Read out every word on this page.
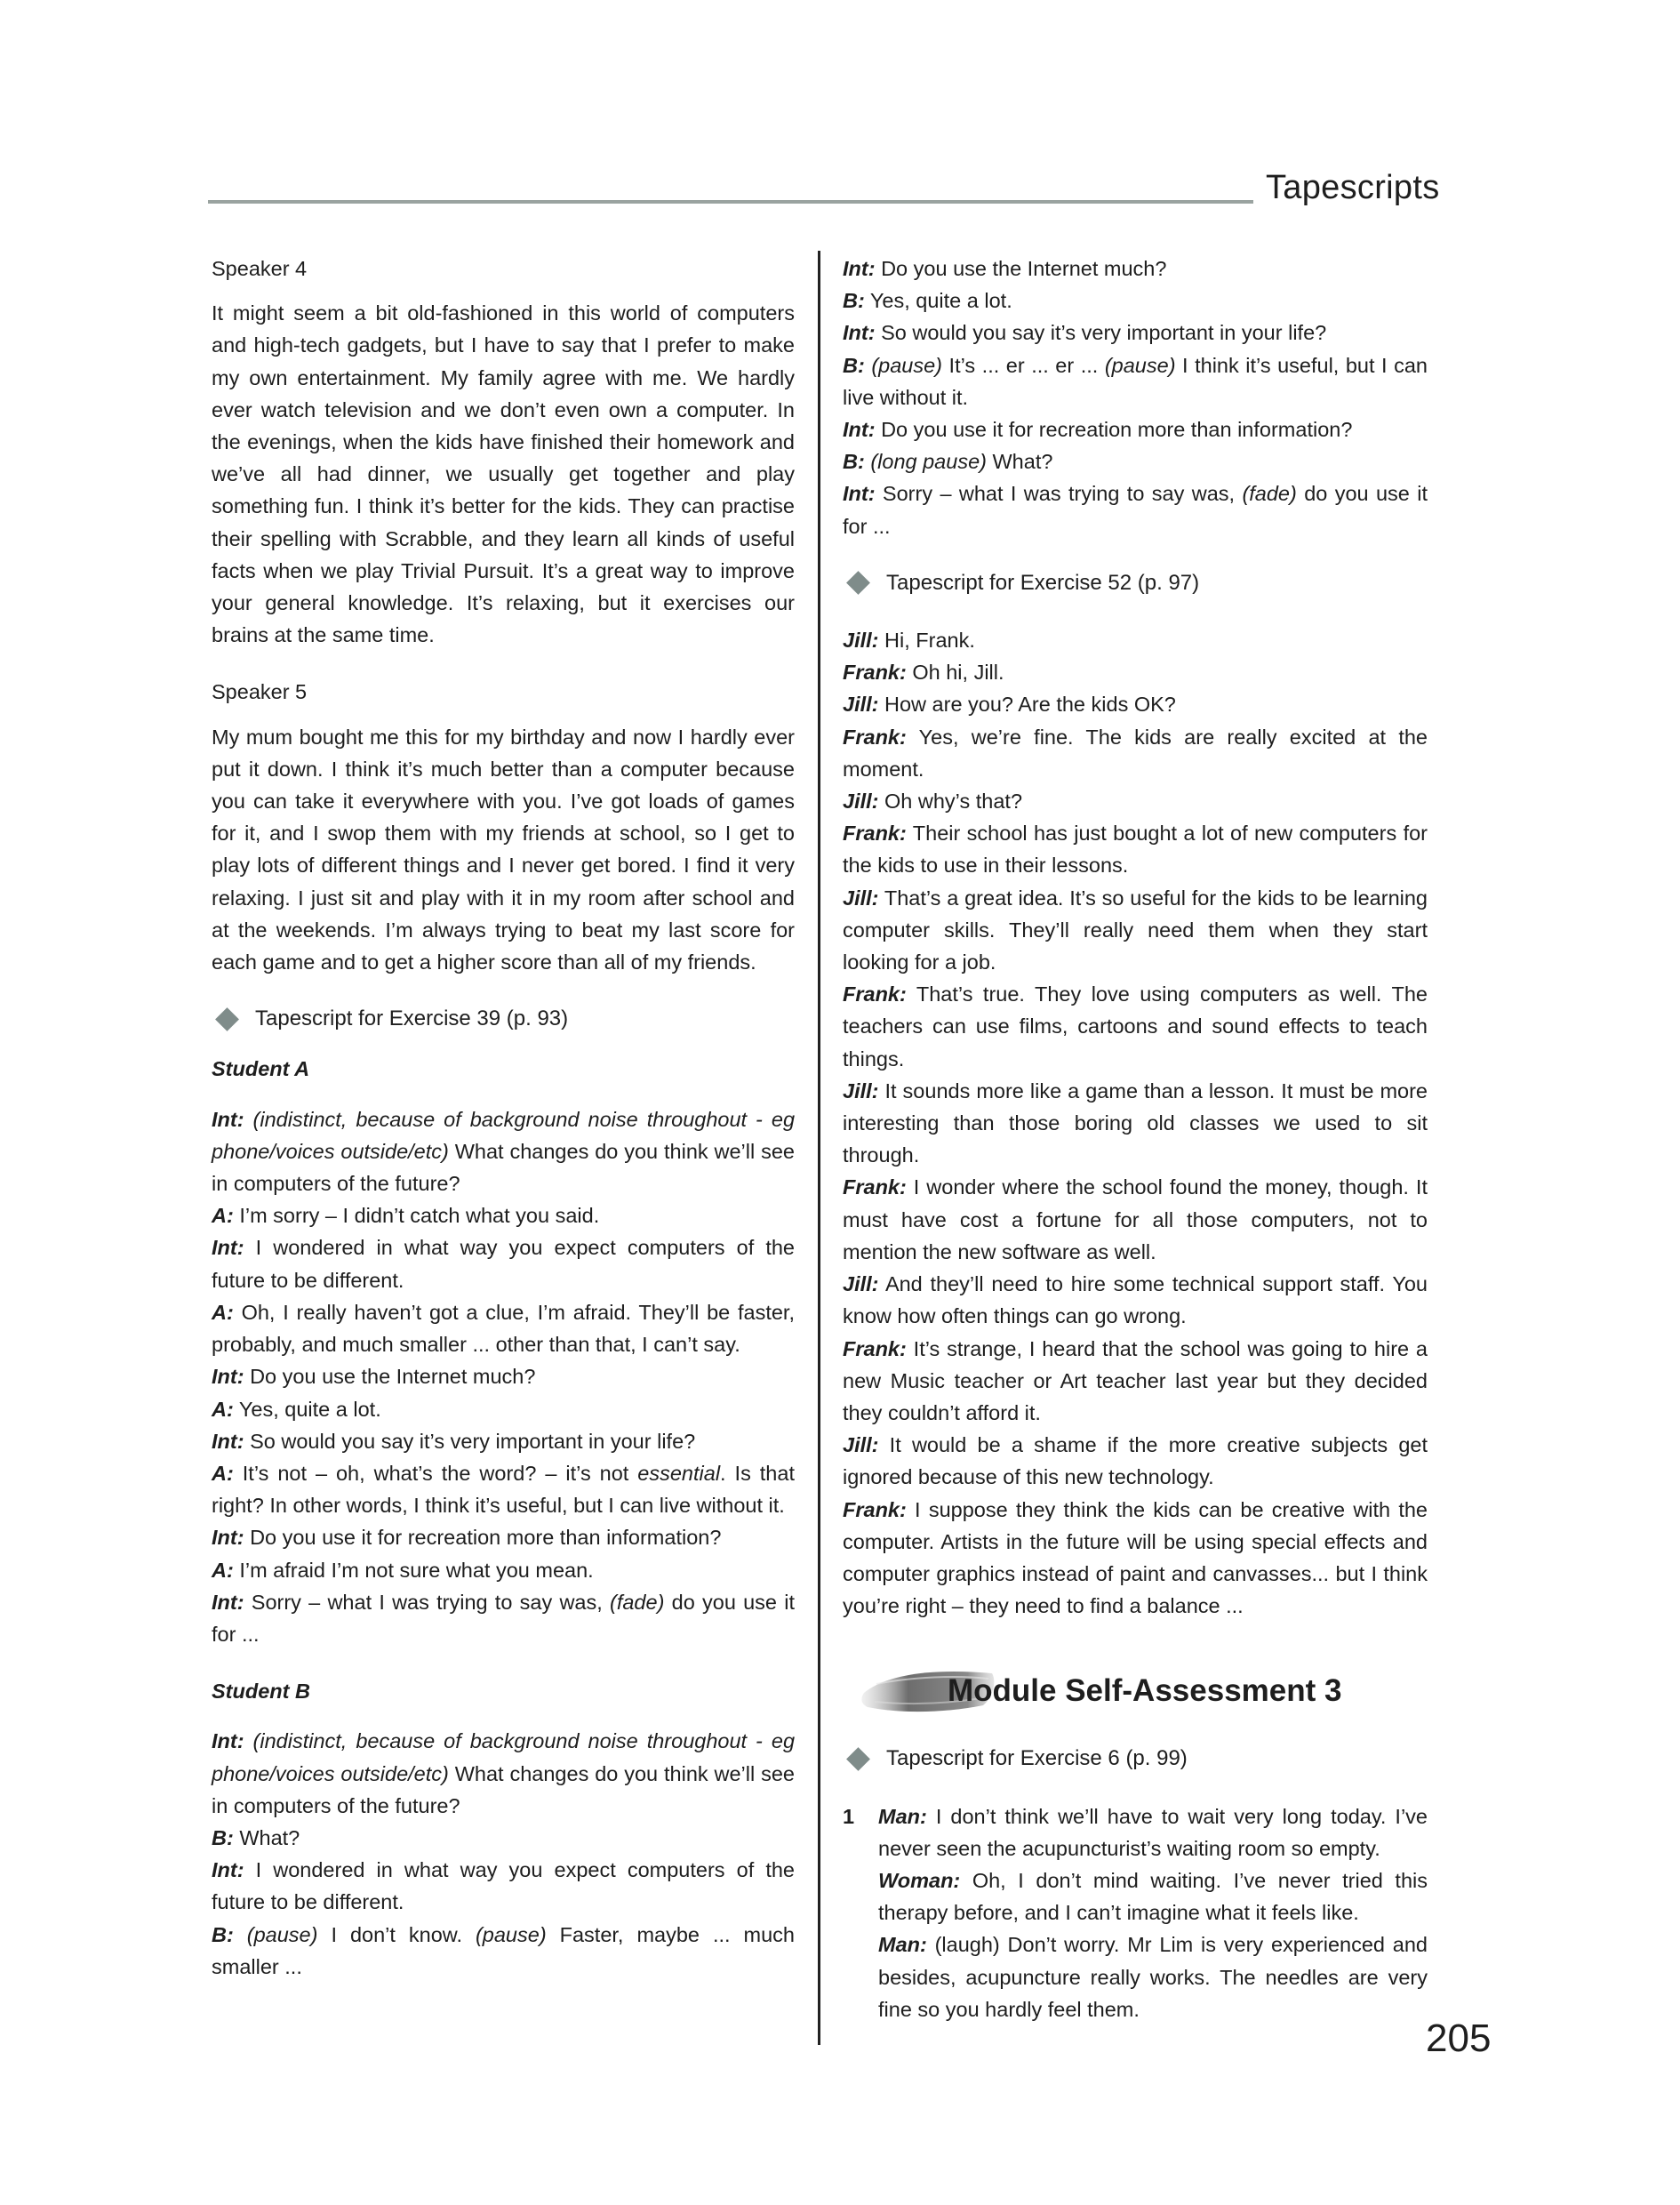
Tapescripts

Speaker 4

It might seem a bit old-fashioned in this world of computers and high-tech gadgets, but I have to say that I prefer to make my own entertainment. My family agree with me. We hardly ever watch television and we don’t even own a computer. In the evenings, when the kids have finished their homework and we’ve all had dinner, we usually get together and play something fun. I think it’s better for the kids. They can practise their spelling with Scrabble, and they learn all kinds of useful facts when we play Trivial Pursuit. It’s a great way to improve your general knowledge. It’s relaxing, but it exercises our brains at the same time.

Speaker 5

My mum bought me this for my birthday and now I hardly ever put it down. I think it’s much better than a computer because you can take it everywhere with you. I’ve got loads of games for it, and I swop them with my friends at school, so I get to play lots of different things and I never get bored. I find it very relaxing. I just sit and play with it in my room after school and at the weekends. I’m always trying to beat my last score for each game and to get a higher score than all of my friends.

Tapescript for Exercise 39 (p. 93)

Student A

Int: (indistinct, because of background noise throughout - eg phone/voices outside/etc) What changes do you think we’ll see in computers of the future?

A: I’m sorry – I didn’t catch what you said.

Int: I wondered in what way you expect computers of the future to be different.

A: Oh, I really haven’t got a clue, I’m afraid. They’ll be faster, probably, and much smaller ... other than that, I can’t say.

Int: Do you use the Internet much?

A: Yes, quite a lot.

Int: So would you say it’s very important in your life?

A: It’s not – oh, what’s the word? – it’s not essential. Is that right? In other words, I think it’s useful, but I can live without it.

Int: Do you use it for recreation more than information?

A: I’m afraid I’m not sure what you mean.

Int: Sorry – what I was trying to say was, (fade) do you use it for ...

Student B

Int: (indistinct, because of background noise throughout - eg phone/voices outside/etc) What changes do you think we’ll see in computers of the future?

B: What?

Int: I wondered in what way you expect computers of the future to be different.

B: (pause) I don’t know. (pause) Faster, maybe ... much smaller ...

Int: Do you use the Internet much?

B: Yes, quite a lot.

Int: So would you say it’s very important in your life?

B: (pause) It’s ... er ... er ... (pause) I think it’s useful, but I can live without it.

Int: Do you use it for recreation more than information?

B: (long pause) What?

Int: Sorry – what I was trying to say was, (fade) do you use it for ...

Tapescript for Exercise 52 (p. 97)

Jill: Hi, Frank.

Frank: Oh hi, Jill.

Jill: How are you? Are the kids OK?

Frank: Yes, we’re fine. The kids are really excited at the moment.

Jill: Oh why’s that?

Frank: Their school has just bought a lot of new computers for the kids to use in their lessons.

Jill: That’s a great idea. It’s so useful for the kids to be learning computer skills. They’ll really need them when they start looking for a job.

Frank: That’s true. They love using computers as well. The teachers can use films, cartoons and sound effects to teach things.

Jill: It sounds more like a game than a lesson. It must be more interesting than those boring old classes we used to sit through.

Frank: I wonder where the school found the money, though. It must have cost a fortune for all those computers, not to mention the new software as well.

Jill: And they’ll need to hire some technical support staff. You know how often things can go wrong.

Frank: It’s strange, I heard that the school was going to hire a new Music teacher or Art teacher last year but they decided they couldn’t afford it.

Jill: It would be a shame if the more creative subjects get ignored because of this new technology.

Frank: I suppose they think the kids can be creative with the computer. Artists in the future will be using special effects and computer graphics instead of paint and canvasses... but I think you’re right – they need to find a balance ...

Module Self-Assessment 3

Tapescript for Exercise 6 (p. 99)

1	Man: I don’t think we’ll have to wait very long today. I’ve never seen the acupuncturist’s waiting room so empty.

Woman: Oh, I don’t mind waiting. I’ve never tried this therapy before, and I can’t imagine what it feels like.

Man: (laugh) Don’t worry. Mr Lim is very experienced and besides, acupuncture really works. The needles are very fine so you hardly feel them.

205
